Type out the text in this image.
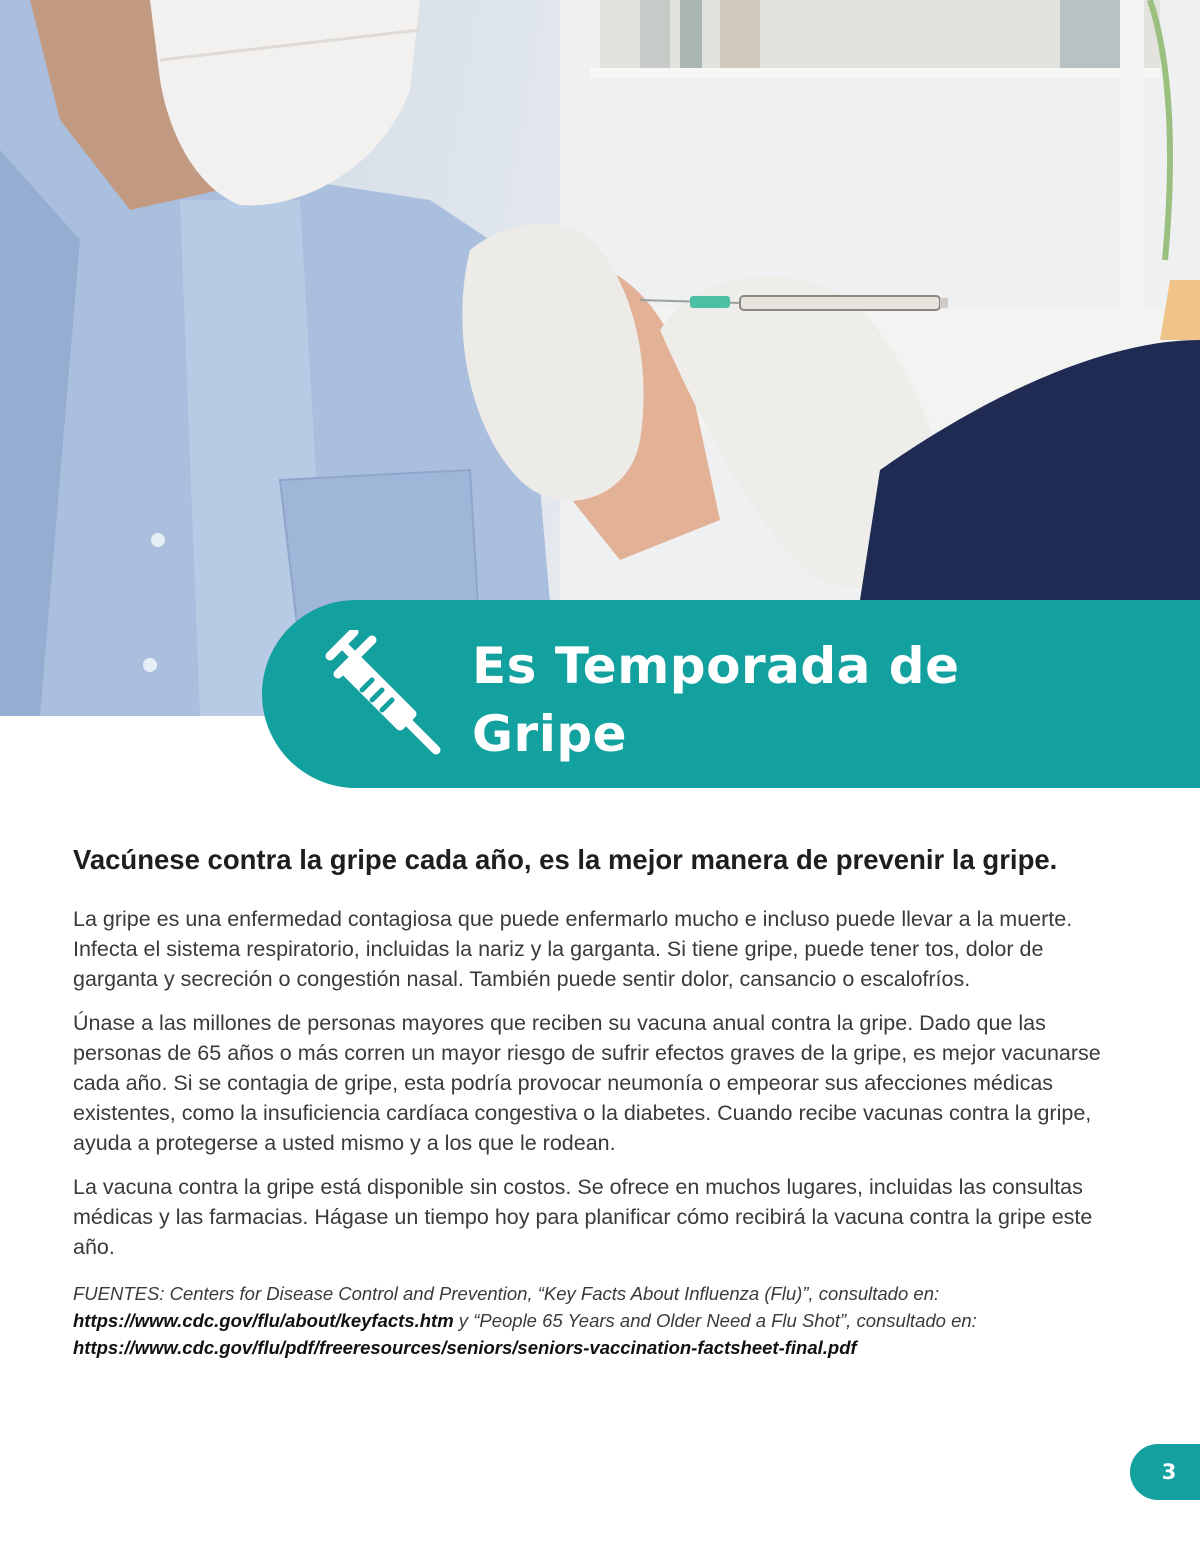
Es Temporada de
Gripe
Vacúnese contra la gripe cada año, es la mejor manera de prevenir la gripe.

La gripe es una enfermedad contagiosa que puede enfermarlo mucho e incluso puede llevar a la muerte. Infecta el sistema respiratorio, incluidas la nariz y la garganta. Si tiene gripe, puede tener tos, dolor de garganta y secreción o congestión nasal. También puede sentir dolor, cansancio o escalofríos.

Únase a las millones de personas mayores que reciben su vacuna anual contra la gripe. Dado que las personas de 65 años o más corren un mayor riesgo de sufrir efectos graves de la gripe, es mejor vacunarse cada año. Si se contagia de gripe, esta podría provocar neumonía o empeorar sus afecciones médicas existentes, como la insuficiencia cardíaca congestiva o la diabetes. Cuando recibe vacunas contra la gripe, ayuda a protegerse a usted mismo y a los que le rodean.

La vacuna contra la gripe está disponible sin costos. Se ofrece en muchos lugares, incluidas las consultas médicas y las farmacias. Hágase un tiempo hoy para planificar cómo recibirá la vacuna contra la gripe este año.

FUENTES: Centers for Disease Control and Prevention, “Key Facts About Influenza (Flu)”, consultado en: https://www.cdc.gov/flu/about/keyfacts.htm y “People 65 Years and Older Need a Flu Shot”, consultado en: https://www.cdc.gov/flu/pdf/freeresources/seniors/seniors-vaccination-factsheet-final.pdf

3
